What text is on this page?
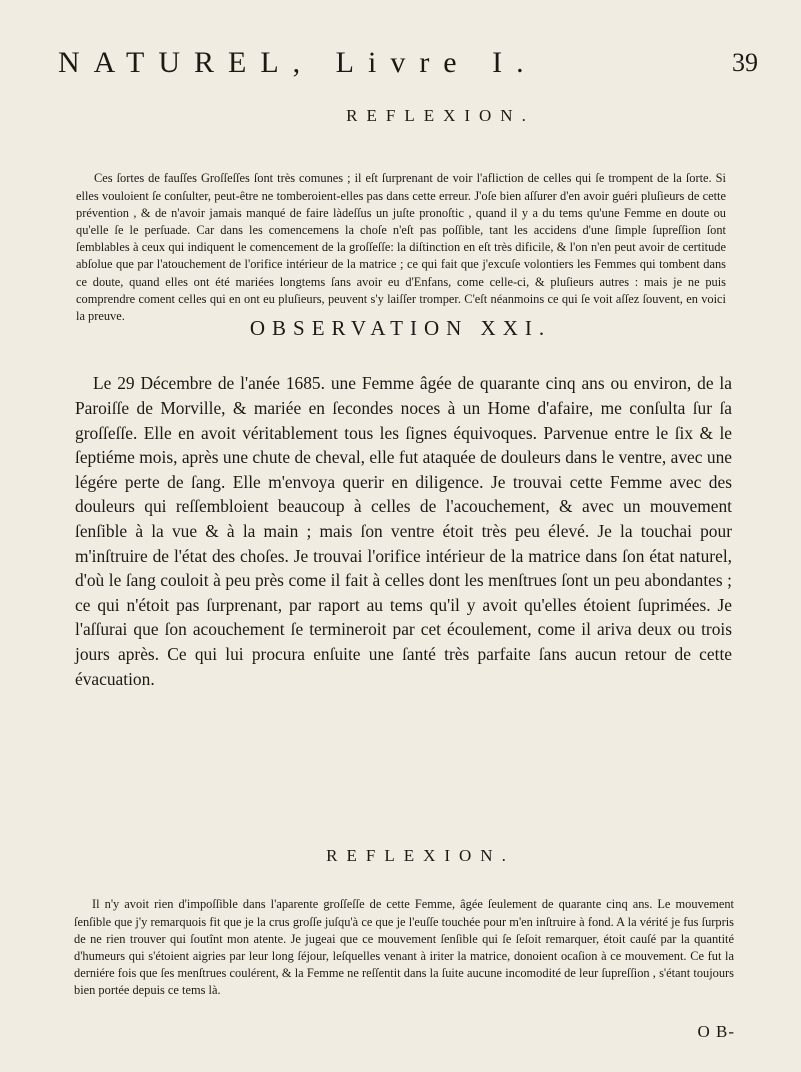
NATUREL, Livre I.	39
REFLEXION.

Ces ſortes de fauſſes Groſſeſſes ſont très comunes ; il eſt ſurprenant de voir l'afliction de celles qui ſe trompent de la ſorte. Si elles vouloient ſe conſulter, peut-être ne tomberoient-elles pas dans cette erreur. J'oſe bien aſſurer d'en avoir guéri pluſieurs de cette prévention , & de n'avoir jamais manqué de faire làdeſſus un juſte pronoſtic , quand il y a du tems qu'une Femme en doute ou qu'elle ſe le perſuade. Car dans les comencemens la choſe n'eſt pas poſſible, tant les accidens d'une ſimple ſupreſſion ſont ſemblables à ceux qui indiquent le comencement de la groſſeſſe: la diſtinction en eſt très dificile, & l'on n'en peut avoir de certitude abſolue que par l'atouchement de l'orifice intérieur de la matrice ; ce qui fait que j'excuſe volontiers les Femmes qui tombent dans ce doute, quand elles ont été mariées longtems ſans avoir eu d'Enfans, come celle-ci, & pluſieurs autres : mais je ne puis comprendre coment celles qui en ont eu pluſieurs, peuvent s'y laiſſer tromper. C'eſt néanmoins ce qui ſe voit aſſez ſouvent, en voici la preuve.	OBSERVATION XXI.

Le 29 Décembre de l'anée 1685. une Femme âgée de quarante cinq ans ou environ, de la Paroiſſe de Morville, & mariée en ſecondes noces à un Home d'afaire, me conſulta ſur ſa groſſeſſe. Elle en avoit véritablement tous les ſignes équivoques. Parvenue entre le ſix & le ſeptiéme mois, après une chute de cheval, elle fut ataquée de douleurs dans le ventre, avec une légére perte de ſang. Elle m'envoya querir en diligence. Je trouvai cette Femme avec des douleurs qui reſſembloient beaucoup à celles de l'acouchement, & avec un mouvement ſenſible à la vue & à la main ; mais ſon ventre étoit très peu élevé. Je la touchai pour m'inſtruire de l'état des choſes. Je trouvai l'orifice intérieur de la matrice dans ſon état naturel, d'où le ſang couloit à peu près come il fait à celles dont les menſtrues ſont un peu abondantes ; ce qui n'étoit pas ſurprenant, par raport au tems qu'il y avoit qu'elles étoient ſuprimées. Je l'aſſurai que ſon acouchement ſe termineroit par cet écoulement, come il ariva deux ou trois jours après. Ce qui lui procura enſuite une ſanté très parfaite ſans aucun retour de cette évacuation.

REFLEXION.

Il n'y avoit rien d'impoſſible dans l'aparente groſſeſſe de cette Femme, âgée ſeulement de quarante cinq ans. Le mouvement ſenſible que j'y remarquois fit que je la crus groſſe juſqu'à ce que je l'euſſe touchée pour m'en inſtruire à fond. A la vérité je fus ſurpris de ne rien trouver qui ſoutînt mon atente. Je jugeai que ce mouvement ſenſible qui ſe ſeſoit remarquer, étoit cauſé par la quantité d'humeurs qui s'étoient aigries par leur long ſéjour, leſquelles venant à iriter la matrice, donoient ocaſion à ce mouvement. Ce fut la derniére fois que ſes menſtrues coulérent, & la Femme ne reſſentit dans la ſuite aucune incomodité de leur ſupreſſion , s'étant toujours bien portée depuis ce tems là.

O B-
